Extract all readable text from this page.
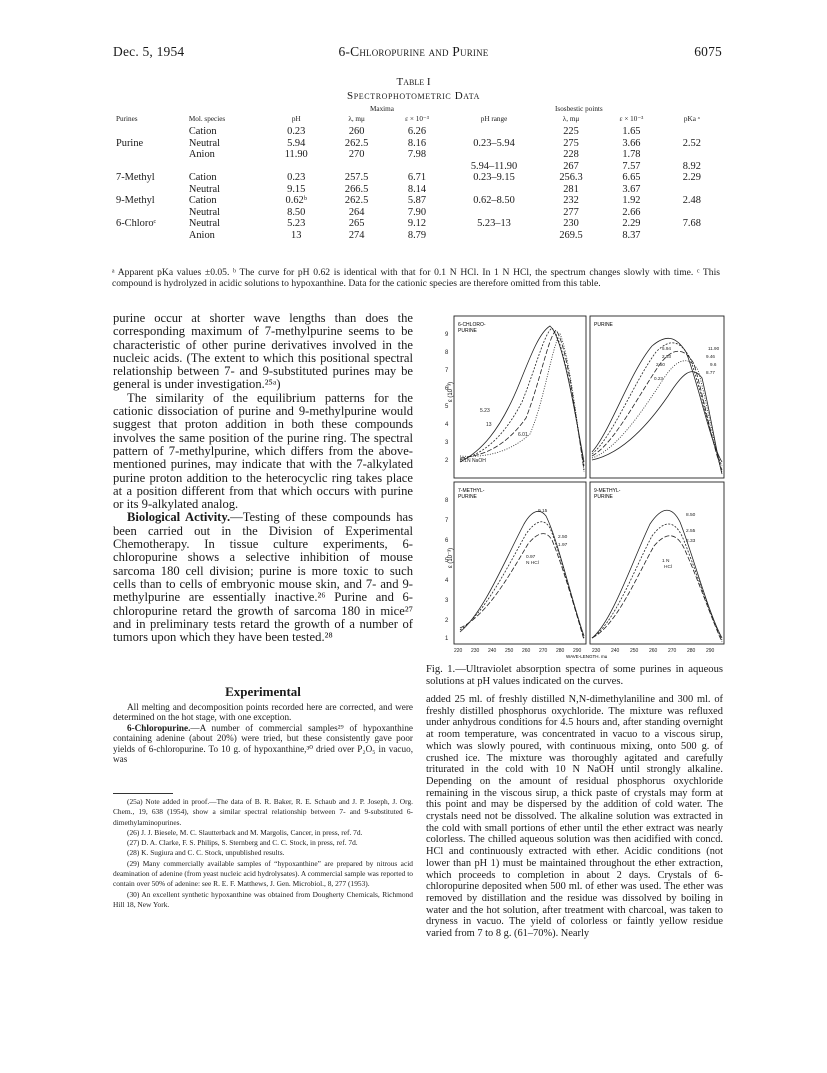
Dec. 5, 1954	6-Chloropurine and Purine	6075
Table I
Spectrophotometric Data
Maxima	Isosbestic points
Purines	Mol. species	pH	λ, mμ	ε × 10⁻³	pH range	λ, mμ	ε × 10⁻³	pKa ᵃ
	Cation	0.23	260	6.26		225	1.65	
Purine	Neutral	5.94	262.5	8.16	0.23–5.94	275	3.66	2.52
	Anion	11.90	270	7.98		228	1.78	
					5.94–11.90	267	7.57	8.92
7-Methyl	Cation	0.23	257.5	6.71	0.23–9.15	256.3	6.65	2.29
	Neutral	9.15	266.5	8.14		281	3.67	
9-Methyl	Cation	0.62ᵇ	262.5	5.87	0.62–8.50	232	1.92	2.48
	Neutral	8.50	264	7.90		277	2.66	
6-Chloroᶜ	Neutral	5.23	265	9.12	5.23–13	230	2.29	7.68
	Anion	13	274	8.79		269.5	8.37	
ᵃ Apparent pKa values ±0.05. ᵇ The curve for pH 0.62 is identical with that for 0.1 N HCl. In 1 N HCl, the spectrum changes slowly with time. ᶜ This compound is hydrolyzed in acidic solutions to hypoxanthine. Data for the cationic species are therefore omitted from this table.

purine occur at shorter wave lengths than does the corresponding maximum of 7-methylpurine seems to be characteristic of other purine derivatives involved in the nucleic acids. (The extent to which this positional spectral relationship between 7- and 9-substituted purines may be general is under investigation.²⁵ᵃ)

The similarity of the equilibrium patterns for the cationic dissociation of purine and 9-methylpurine would suggest that proton addition in both these compounds involves the same position of the purine ring. The spectral pattern of 7-methylpurine, which differs from the above-mentioned purines, may indicate that with the 7-alkylated purine proton addition to the heterocyclic ring takes place at a position different from that which occurs with purine or its 9-alkylated analog.

Biological Activity.—Testing of these compounds has been carried out in the Division of Experimental Chemotherapy. In tissue culture experiments, 6-chloropurine shows a selective inhibition of mouse sarcoma 180 cell division; purine is more toxic to such cells than to cells of embryonic mouse skin, and 7- and 9-methylpurine are essentially inactive.²⁶ Purine and 6-chloropurine retard the growth of sarcoma 180 in mice²⁷ and in preliminary tests retard the growth of a number of tumors upon which they have been tested.²⁸

Experimental

All melting and decomposition points recorded here are corrected, and were determined on the hot stage, with one exception.

6-Chloropurine.—A number of commercial samples²⁹ of hypoxanthine containing adenine (about 20%) were tried, but these consistently gave poor yields of 6-chloropurine. To 10 g. of hypoxanthine,³⁰ dried over P₂O₅ in vacuo, was

(25a) Note added in proof.—The data of B. R. Baker, R. E. Schaub and J. P. Joseph, J. Org. Chem., 19, 638 (1954), show a similar spectral relationship between 7- and 9-substituted 6-dimethylaminopurines.

(26) J. J. Biesele, M. C. Slautterback and M. Margolis, Cancer, in press, ref. 7d.

(27) D. A. Clarke, F. S. Philips, S. Sternberg and C. C. Stock, in press, ref. 7d.

(28) K. Sugiura and C. C. Stock, unpublished results.

(29) Many commercially available samples of “hypoxanthine” are prepared by nitrous acid deamination of adenine (from yeast nucleic acid hydrolysates). A commercial sample was reported to contain over 50% of adenine: see R. E. F. Matthews, J. Gen. Microbiol., 8, 277 (1953).

(30) An excellent synthetic hypoxanthine was obtained from Dougherty Chemicals, Richmond Hill 18, New York.

9
8
7
6
5
4
3
2
8
7
6
5
4
3
2
1
ε (10⁻³)
ε (10⁻³)
6-CHLORO-PURINE
PURINE
7-METHYL-PURINE
9-METHYL-PURINE
5.23
13
6.01
0.1N NaOH
5.94
2.93
2.50
0.23
11.90
9.46
9.6
8.77
9.15
2.50
1.97
0.97
N HCl
8.50
2.55
2.33
1 N
HCl
220 230 240 250 260 270 280 290 230 240 250 260 270 280 290
WAVE-LENGTH, mμ
Fig. 1.—Ultraviolet absorption spectra of some purines in aqueous solutions at pH values indicated on the curves.

added 25 ml. of freshly distilled N,N-dimethylaniline and 300 ml. of freshly distilled phosphorus oxychloride. The mixture was refluxed under anhydrous conditions for 4.5 hours and, after standing overnight at room temperature, was concentrated in vacuo to a viscous sirup, which was slowly poured, with continuous mixing, onto 500 g. of crushed ice. The mixture was thoroughly agitated and carefully triturated in the cold with 10 N NaOH until strongly alkaline. Depending on the amount of residual phosphorus oxychloride remaining in the viscous sirup, a thick paste of crystals may form at this point and may be dispersed by the addition of cold water. The crystals need not be dissolved. The alkaline solution was extracted in the cold with small portions of ether until the ether extract was nearly colorless. The chilled aqueous solution was then acidified with concd. HCl and continuously extracted with ether. Acidic conditions (not lower than pH 1) must be maintained throughout the ether extraction, which proceeds to completion in about 2 days. Crystals of 6-chloropurine deposited when 500 ml. of ether was used. The ether was removed by distillation and the residue was dissolved by boiling in water and the hot solution, after treatment with charcoal, was taken to dryness in vacuo. The yield of colorless or faintly yellow residue varied from 7 to 8 g. (61–70%). Nearly
